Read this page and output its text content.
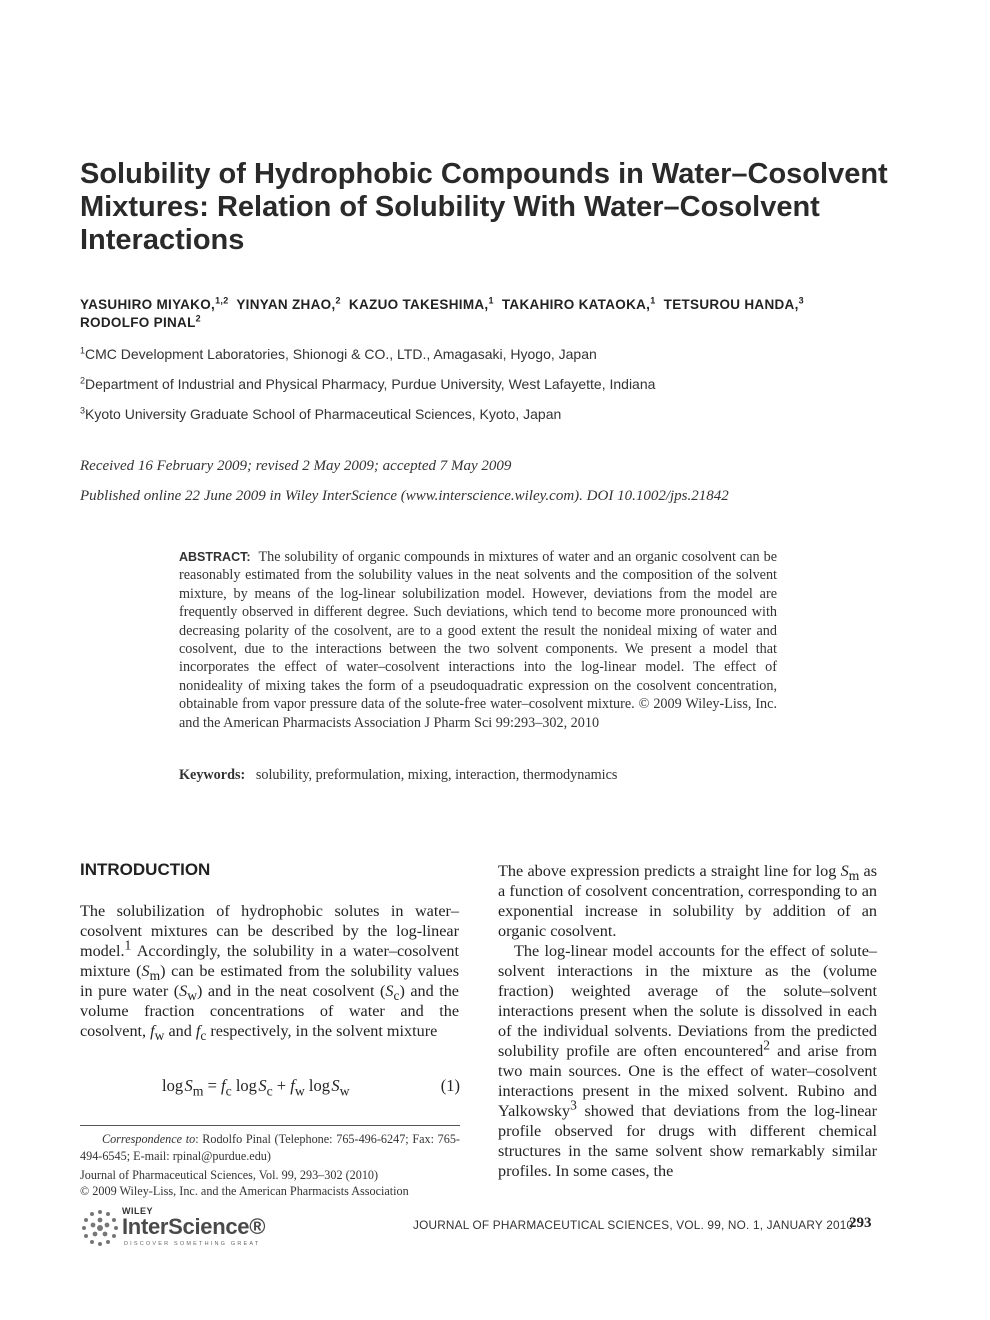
Solubility of Hydrophobic Compounds in Water–Cosolvent Mixtures: Relation of Solubility With Water–Cosolvent Interactions
YASUHIRO MIYAKO,$^{1,2}$ YINYAN ZHAO,$^2$ KAZUO TAKESHIMA,$^1$ TAKAHIRO KATAOKA,$^1$ TETSUROU HANDA,$^3$
RODOLFO PINAL$^2$
$^1$CMC Development Laboratories, Shionogi & CO., LTD., Amagasaki, Hyogo, Japan
$^2$Department of Industrial and Physical Pharmacy, Purdue University, West Lafayette, Indiana
$^3$Kyoto University Graduate School of Pharmaceutical Sciences, Kyoto, Japan
Received 16 February 2009; revised 2 May 2009; accepted 7 May 2009
Published online 22 June 2009 in Wiley InterScience (www.interscience.wiley.com). DOI 10.1002/jps.21842
ABSTRACT: The solubility of organic compounds in mixtures of water and an organic cosolvent can be reasonably estimated from the solubility values in the neat solvents and the composition of the solvent mixture, by means of the log-linear solubilization model. However, deviations from the model are frequently observed in different degree. Such deviations, which tend to become more pronounced with decreasing polarity of the cosolvent, are to a good extent the result the nonideal mixing of water and cosolvent, due to the interactions between the two solvent components. We present a model that incorporates the effect of water–cosolvent interactions into the log-linear model. The effect of nonideality of mixing takes the form of a pseudoquadratic expression on the cosolvent concentration, obtainable from vapor pressure data of the solute-free water–cosolvent mixture. © 2009 Wiley-Liss, Inc. and the American Pharmacists Association J Pharm Sci 99:293–302, 2010
Keywords: solubility, preformulation, mixing, interaction, thermodynamics
INTRODUCTION

The solubilization of hydrophobic solutes in water–cosolvent mixtures can be described by the log-linear model.$^1$ Accordingly, the solubility in a water–cosolvent mixture $(S_m)$ can be estimated from the solubility values in pure water $(S_w)$ and in the neat cosolvent $(S_c)$ and the volume fraction concentrations of water and the cosolvent, $f_w$ and $f_c$ respectively, in the solvent mixture

log $S_m = f_c$ log $S_c + f_w$ log $S_w$	(1)
Correspondence to: Rodolfo Pinal (Telephone: 765-496-6247; Fax: 765-494-6545; E-mail: rpinal@purdue.edu)
Journal of Pharmaceutical Sciences, Vol. 99, 293–302 (2010)
© 2009 Wiley-Liss, Inc. and the American Pharmacists Association

The above expression predicts a straight line for $\log S_m$ as a function of cosolvent concentration, corresponding to an exponential increase in solubility by addition of an organic cosolvent.

The log-linear model accounts for the effect of solute–solvent interactions in the mixture as the (volume fraction) weighted average of the solute–solvent interactions present when the solute is dissolved in each of the individual solvents. Deviations from the predicted solubility profile are often encountered$^2$ and arise from two main sources. One is the effect of water–cosolvent interactions present in the mixed solvent. Rubino and Yalkowsky$^3$ showed that deviations from the log-linear profile observed for drugs with different chemical structures in the same solvent show remarkably similar profiles. In some cases, the

WILEY
InterScience®
DISCOVER SOMETHING GREAT
JOURNAL OF PHARMACEUTICAL SCIENCES, VOL. 99, NO. 1, JANUARY 2010
293
